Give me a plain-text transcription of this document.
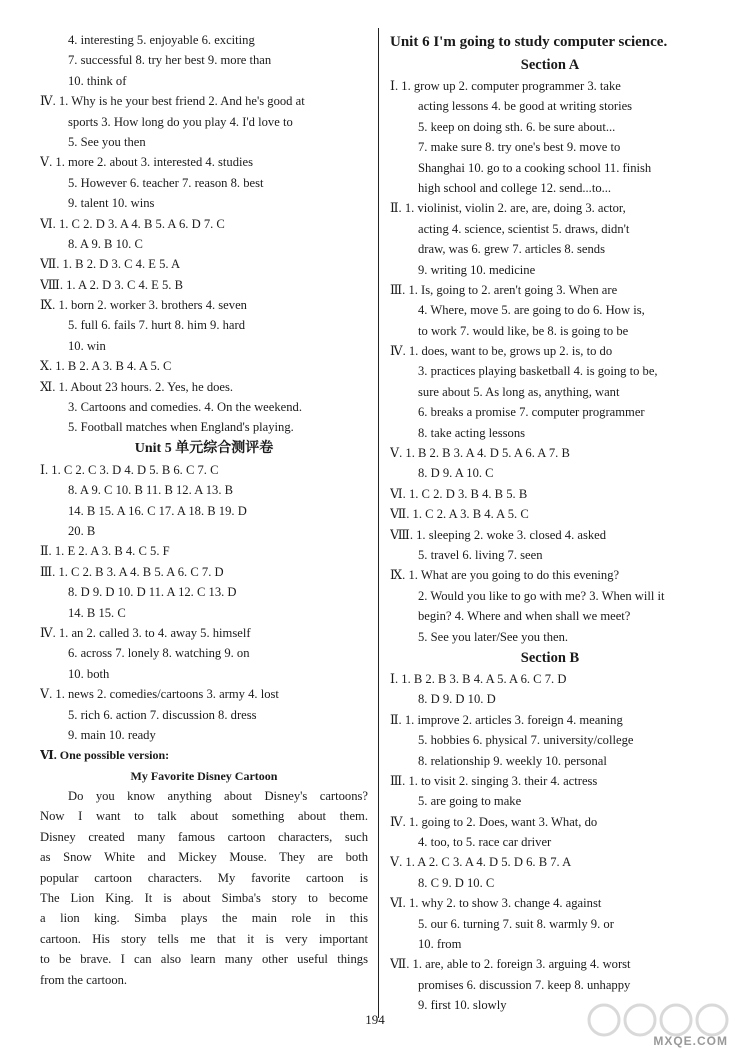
4. interesting 5. enjoyable 6. exciting
7. successful 8. try her best 9. more than
10. think of
Ⅳ. 1. Why is he your best friend 2. And he's good at
sports 3. How long do you play 4. I'd love to
5. See you then
Ⅴ. 1. more 2. about 3. interested 4. studies
5. However 6. teacher 7. reason 8. best
9. talent 10. wins
Ⅵ. 1. C 2. D 3. A 4. B 5. A 6. D 7. C
8. A 9. B 10. C
Ⅶ. 1. B 2. D 3. C 4. E 5. A
Ⅷ. 1. A 2. D 3. C 4. E 5. B
Ⅸ. 1. born 2. worker 3. brothers 4. seven
5. full 6. fails 7. hurt 8. him 9. hard
10. win
Ⅹ. 1. B 2. A 3. B 4. A 5. C
Ⅺ. 1. About 23 hours. 2. Yes, he does.
3. Cartoons and comedies. 4. On the weekend.
5. Football matches when England's playing.
Unit 5 单元综合测评卷
Ⅰ. 1. C 2. C 3. D 4. D 5. B 6. C 7. C
8. A 9. C 10. B 11. B 12. A 13. B
14. B 15. A 16. C 17. A 18. B 19. D
20. B
Ⅱ. 1. E 2. A 3. B 4. C 5. F
Ⅲ. 1. C 2. B 3. A 4. B 5. A 6. C 7. D
8. D 9. D 10. D 11. A 12. C 13. D
14. B 15. C
Ⅳ. 1. an 2. called 3. to 4. away 5. himself
6. across 7. lonely 8. watching 9. on
10. both
Ⅴ. 1. news 2. comedies/cartoons 3. army 4. lost
5. rich 6. action 7. discussion 8. dress
9. main 10. ready
Ⅵ. One possible version:
My Favorite Disney Cartoon
Do you know anything about Disney's cartoons?
Now I want to talk about something about them.
Disney created many famous cartoon characters, such
as Snow White and Mickey Mouse. They are both
popular cartoon characters. My favorite cartoon is
The Lion King. It is about Simba's story to become
a lion king. Simba plays the main role in this
cartoon. His story tells me that it is very important
to be brave. I can also learn many other useful things
from the cartoon.
Unit 6 I'm going to study computer science.
Section A
Ⅰ. 1. grow up 2. computer programmer 3. take
acting lessons 4. be good at writing stories
5. keep on doing sth. 6. be sure about...
7. make sure 8. try one's best 9. move to
Shanghai 10. go to a cooking school 11. finish
high school and college 12. send...to...
Ⅱ. 1. violinist, violin 2. are, are, doing 3. actor,
acting 4. science, scientist 5. draws, didn't
draw, was 6. grew 7. articles 8. sends
9. writing 10. medicine
Ⅲ. 1. Is, going to 2. aren't going 3. When are
4. Where, move 5. are going to do 6. How is,
to work 7. would like, be 8. is going to be
Ⅳ. 1. does, want to be, grows up 2. is, to do
3. practices playing basketball 4. is going to be,
sure about 5. As long as, anything, want
6. breaks a promise 7. computer programmer
8. take acting lessons
Ⅴ. 1. B 2. B 3. A 4. D 5. A 6. A 7. B
8. D 9. A 10. C
Ⅵ. 1. C 2. D 3. B 4. B 5. B
Ⅶ. 1. C 2. A 3. B 4. A 5. C
Ⅷ. 1. sleeping 2. woke 3. closed 4. asked
5. travel 6. living 7. seen
Ⅸ. 1. What are you going to do this evening?
2. Would you like to go with me? 3. When will it
begin? 4. Where and when shall we meet?
5. See you later/See you then.
Section B
Ⅰ. 1. B 2. B 3. B 4. A 5. A 6. C 7. D
8. D 9. D 10. D
Ⅱ. 1. improve 2. articles 3. foreign 4. meaning
5. hobbies 6. physical 7. university/college
8. relationship 9. weekly 10. personal
Ⅲ. 1. to visit 2. singing 3. their 4. actress
5. are going to make
Ⅳ. 1. going to 2. Does, want 3. What, do
4. too, to 5. race car driver
Ⅴ. 1. A 2. C 3. A 4. D 5. D 6. B 7. A
8. C 9. D 10. C
Ⅵ. 1. why 2. to show 3. change 4. against
5. our 6. turning 7. suit 8. warmly 9. or
10. from
Ⅶ. 1. are, able to 2. foreign 3. arguing 4. worst
promises 6. discussion 7. keep 8. unhappy
9. first 10. slowly
194
MXQE.COM
